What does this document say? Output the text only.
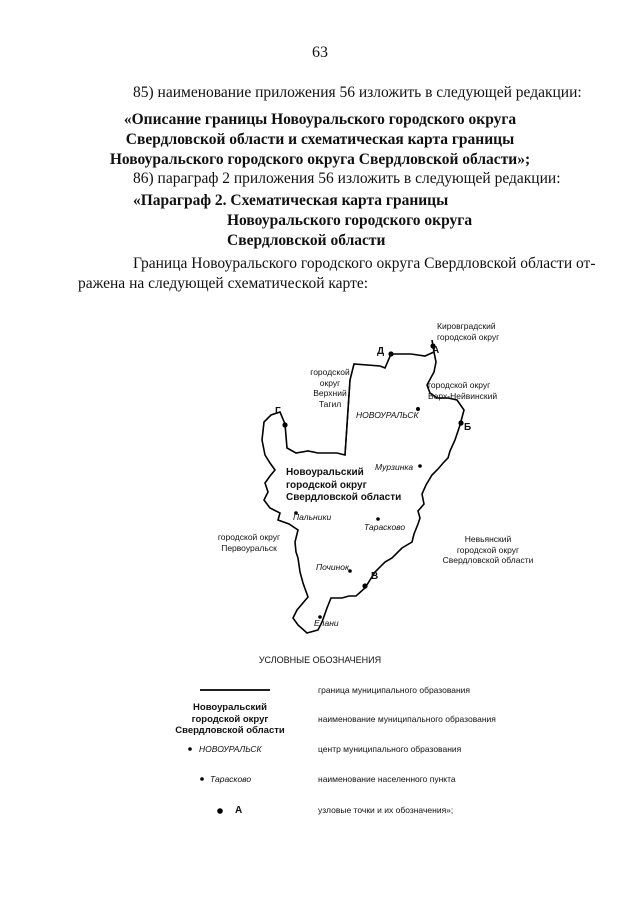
63
85) наименование приложения 56 изложить в следующей редакции:
«Описание границы Новоуральского городского округа
Свердловской области и схематическая карта границы
Новоуральского городского округа Свердловской области»;
86) параграф 2 приложения 56 изложить в следующей редакции:
«Параграф 2. Схематическая карта границы
Новоуральского городского округа
Свердловской области
Граница Новоуральского городского округа Свердловской области от-
ражена на следующей схематической карте:
Кировградский
городской округ
А
Д
городской
округ
Верхний
Тагил
городской округ
Верх-Нейвинский
Г	НОВОУРАЛЬСК
Б
Мурзинка
Новоуральский
городской округ
Свердловской области
Пальники
Тарасково
городской округ
Первоуральск
Невьянский
городской округ
Свердловской области
Починок
В
Елани
УСЛОВНЫЕ ОБОЗНАЧЕНИЯ
граница муниципального образования
Новоуральский
городской округ
Свердловской области
наименование муниципального образования
НОВОУРАЛЬСК	центр муниципального образования
Тарасково	наименование населенного пункта
А	узловые точки и их обозначения»;
